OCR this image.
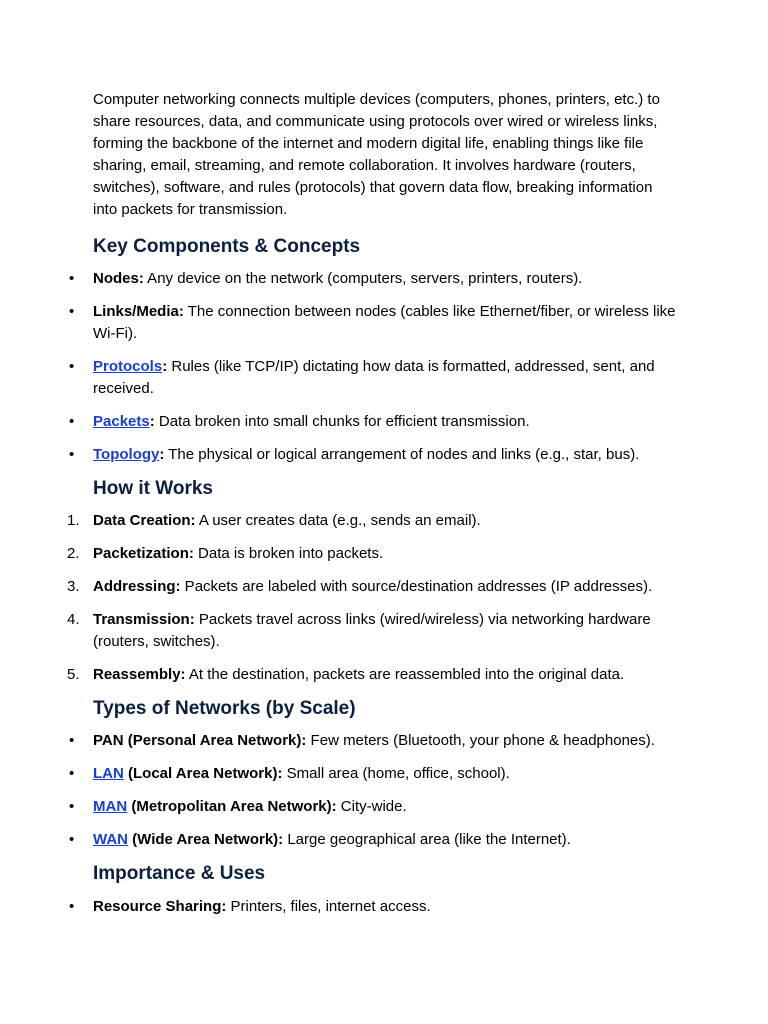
Computer networking connects multiple devices (computers, phones, printers, etc.) to share resources, data, and communicate using protocols over wired or wireless links, forming the backbone of the internet and modern digital life, enabling things like file sharing, email, streaming, and remote collaboration. It involves hardware (routers, switches), software, and rules (protocols) that govern data flow, breaking information into packets for transmission.

Key Components & Concepts
•	Nodes: Any device on the network (computers, servers, printers, routers).
•	Links/Media: The connection between nodes (cables like Ethernet/fiber, or wireless like Wi-Fi).
•	Protocols: Rules (like TCP/IP) dictating how data is formatted, addressed, sent, and received.
•	Packets: Data broken into small chunks for efficient transmission.
•	Topology: The physical or logical arrangement of nodes and links (e.g., star, bus).
How it Works
1. Data Creation: A user creates data (e.g., sends an email).
2. Packetization: Data is broken into packets.
3. Addressing: Packets are labeled with source/destination addresses (IP addresses).
4. Transmission: Packets travel across links (wired/wireless) via networking hardware (routers, switches).
5. Reassembly: At the destination, packets are reassembled into the original data.
Types of Networks (by Scale)
•	PAN (Personal Area Network): Few meters (Bluetooth, your phone & headphones).
•	LAN (Local Area Network): Small area (home, office, school).
•	MAN (Metropolitan Area Network): City-wide.
•	WAN (Wide Area Network): Large geographical area (like the Internet).
Importance & Uses
•	Resource Sharing: Printers, files, internet access.
